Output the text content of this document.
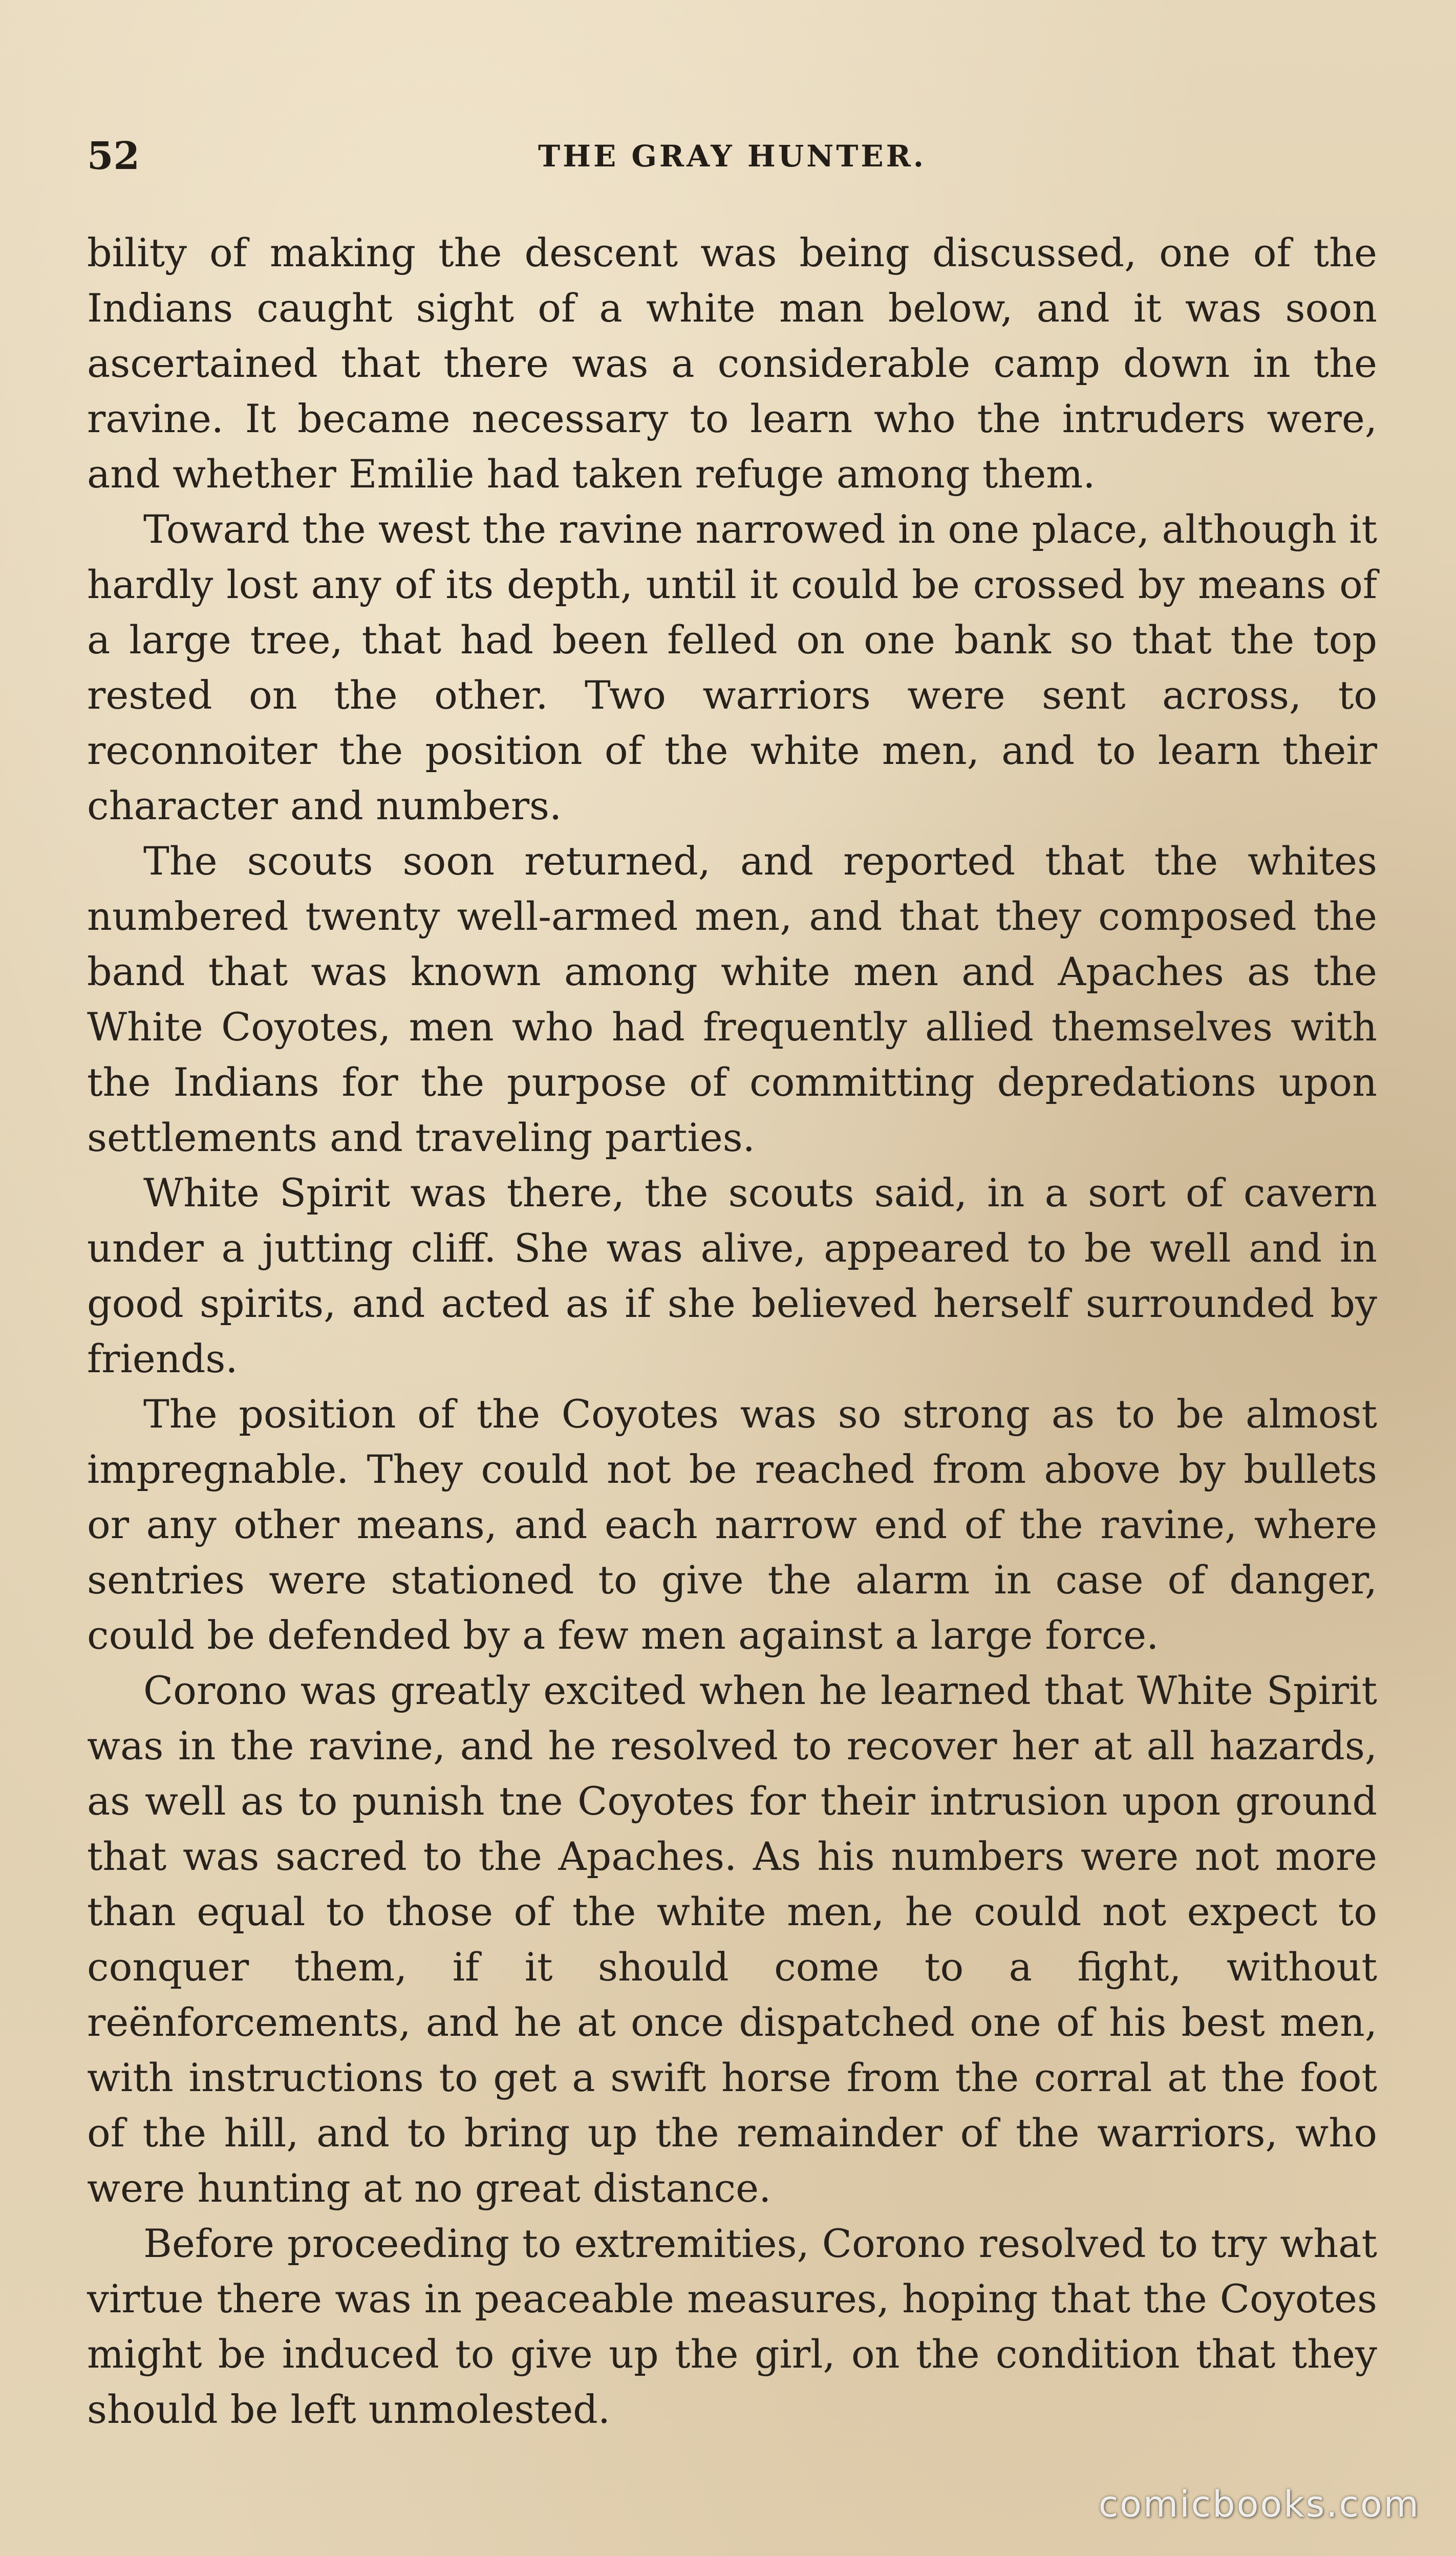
52	THE GRAY HUNTER.

bility of making the descent was being discussed, one of the Indians caught sight of a white man below, and it was soon ascertained that there was a considerable camp down in the ravine. It became necessary to learn who the intruders were, and whether Emilie had taken refuge among them.

Toward the west the ravine narrowed in one place, although it hardly lost any of its depth, until it could be crossed by means of a large tree, that had been felled on one bank so that the top rested on the other. Two warriors were sent across, to reconnoiter the position of the white men, and to learn their character and numbers.

The scouts soon returned, and reported that the whites numbered twenty well-armed men, and that they composed the band that was known among white men and Apaches as the White Coyotes, men who had frequently allied themselves with the Indians for the purpose of committing depredations upon settlements and traveling parties.

White Spirit was there, the scouts said, in a sort of cavern under a jutting cliff. She was alive, appeared to be well and in good spirits, and acted as if she believed herself surrounded by friends.

The position of the Coyotes was so strong as to be almost impregnable. They could not be reached from above by bullets or any other means, and each narrow end of the ravine, where sentries were stationed to give the alarm in case of danger, could be defended by a few men against a large force.

Corono was greatly excited when he learned that White Spirit was in the ravine, and he resolved to recover her at all hazards, as well as to punish tne Coyotes for their intrusion upon ground that was sacred to the Apaches. As his numbers were not more than equal to those of the white men, he could not expect to conquer them, if it should come to a fight, without reënforcements, and he at once dispatched one of his best men, with instructions to get a swift horse from the corral at the foot of the hill, and to bring up the remainder of the warriors, who were hunting at no great distance.

Before proceeding to extremities, Corono resolved to try what virtue there was in peaceable measures, hoping that the Coyotes might be induced to give up the girl, on the condition that they should be left unmolested.

comicbooks.com
